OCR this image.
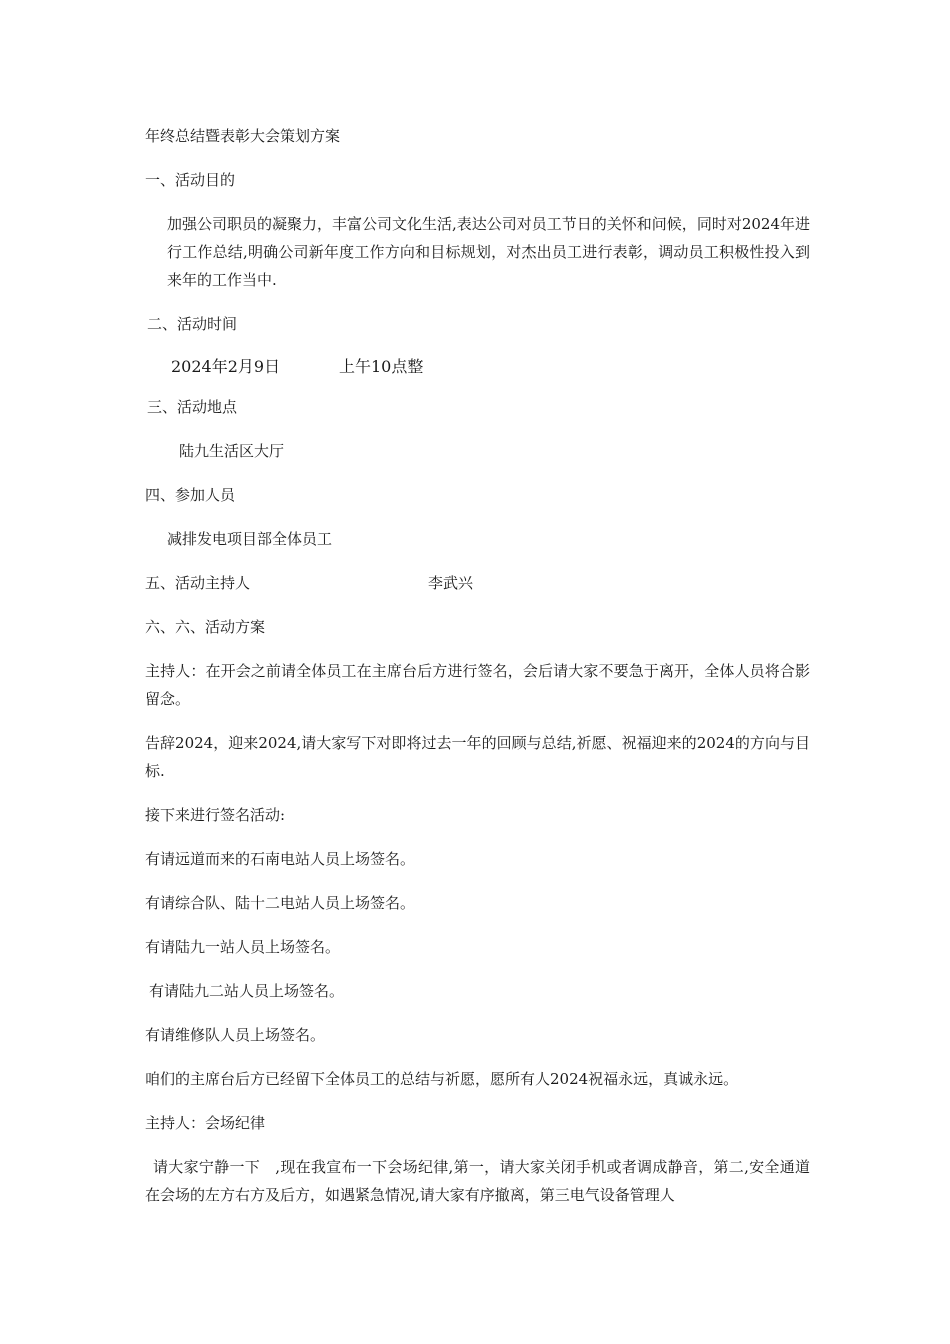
年终总结暨表彰大会策划方案
一、活动目的
加强公司职员的凝聚力，丰富公司文化生活,表达公司对员工节日的关怀和问候，同时对2024年进行工作总结,明确公司新年度工作方向和目标规划，对杰出员工进行表彰，调动员工积极性投入到来年的工作当中.
二、活动时间
2024年2月9日	上午10点整
三、活动地点
陆九生活区大厅
四、参加人员
减排发电项目部全体员工
五、活动主持人	李武兴
六、六、活动方案
主持人：在开会之前请全体员工在主席台后方进行签名，会后请大家不要急于离开，全体人员将合影留念。
告辞2024，迎来2024,请大家写下对即将过去一年的回顾与总结,祈愿、祝福迎来的2024的方向与目标.
接下来进行签名活动:
有请远道而来的石南电站人员上场签名。
有请综合队、陆十二电站人员上场签名。
有请陆九一站人员上场签名。
有请陆九二站人员上场签名。
有请维修队人员上场签名。
咱们的主席台后方已经留下全体员工的总结与祈愿，愿所有人2024祝福永远，真诚永远。
主持人：会场纪律
请大家宁静一下　,现在我宣布一下会场纪律,第一，请大家关闭手机或者调成静音，第二,安全通道在会场的左方右方及后方，如遇紧急情况,请大家有序撤离，第三电气设备管理人
